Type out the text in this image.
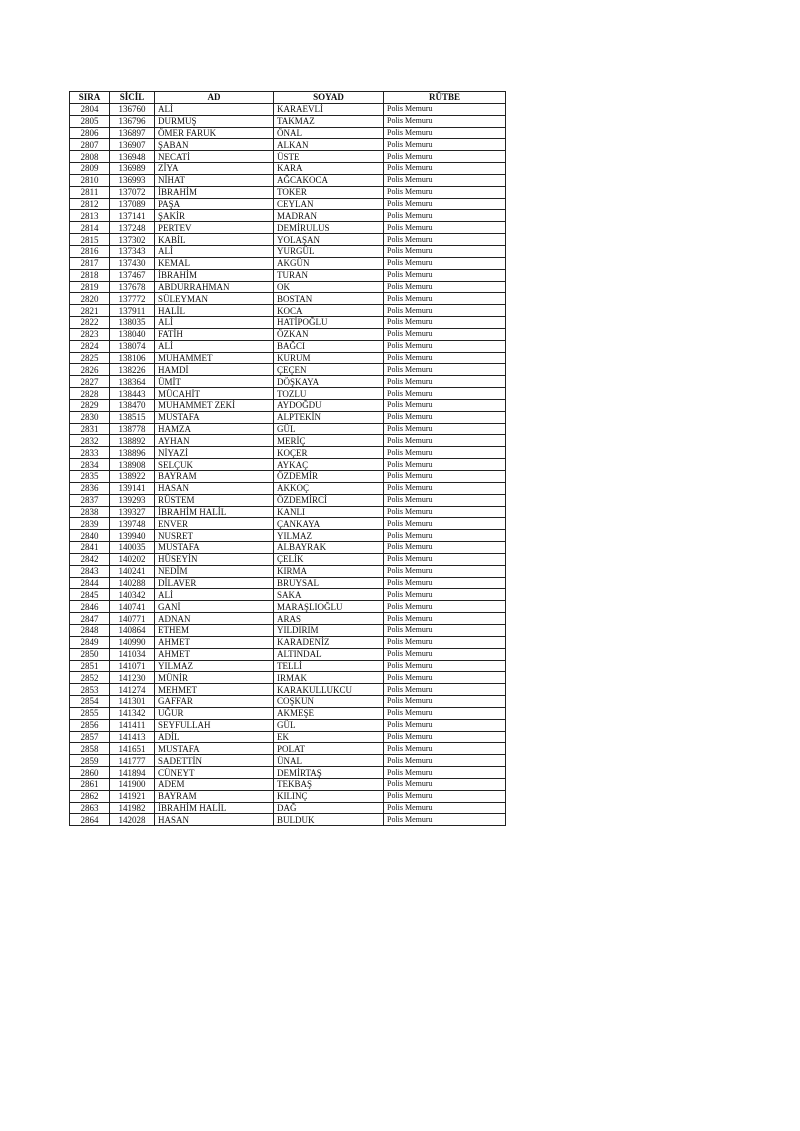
SIRA	SİCİL	AD	SOYAD	RÜTBE
2804	136760	ALİ	KARAEVLİ	Polis Memuru
2805	136796	DURMUŞ	TAKMAZ	Polis Memuru
2806	136897	ÖMER FARUK	ÖNAL	Polis Memuru
2807	136907	ŞABAN	ALKAN	Polis Memuru
2808	136948	NECATİ	ÜSTE	Polis Memuru
2809	136989	ZİYA	KARA	Polis Memuru
2810	136993	NİHAT	AĞCAKOCA	Polis Memuru
2811	137072	İBRAHİM	TOKER	Polis Memuru
2812	137089	PAŞA	CEYLAN	Polis Memuru
2813	137141	ŞAKİR	MADRAN	Polis Memuru
2814	137248	PERTEV	DEMİRULUS	Polis Memuru
2815	137302	KABİL	YOLAŞAN	Polis Memuru
2816	137343	ALİ	YURGÜL	Polis Memuru
2817	137430	KEMAL	AKGÜN	Polis Memuru
2818	137467	İBRAHİM	TURAN	Polis Memuru
2819	137678	ABDURRAHMAN	OK	Polis Memuru
2820	137772	SÜLEYMAN	BOSTAN	Polis Memuru
2821	137911	HALİL	KOCA	Polis Memuru
2822	138035	ALİ	HATİPOĞLU	Polis Memuru
2823	138040	FATİH	ÖZKAN	Polis Memuru
2824	138074	ALİ	BAĞCI	Polis Memuru
2825	138106	MUHAMMET	KURUM	Polis Memuru
2826	138226	HAMDİ	ÇEÇEN	Polis Memuru
2827	138364	ÜMİT	DÖŞKAYA	Polis Memuru
2828	138443	MÜCAHİT	TOZLU	Polis Memuru
2829	138470	MUHAMMET ZEKİ	AYDOĞDU	Polis Memuru
2830	138515	MUSTAFA	ALPTEKİN	Polis Memuru
2831	138778	HAMZA	GÜL	Polis Memuru
2832	138892	AYHAN	MERİÇ	Polis Memuru
2833	138896	NİYAZİ	KOÇER	Polis Memuru
2834	138908	SELÇUK	AYKAÇ	Polis Memuru
2835	138922	BAYRAM	ÖZDEMİR	Polis Memuru
2836	139141	HASAN	AKKOÇ	Polis Memuru
2837	139293	RÜSTEM	ÖZDEMİRCİ	Polis Memuru
2838	139327	İBRAHİM HALİL	KANLI	Polis Memuru
2839	139748	ENVER	ÇANKAYA	Polis Memuru
2840	139940	NUSRET	YILMAZ	Polis Memuru
2841	140035	MUSTAFA	ALBAYRAK	Polis Memuru
2842	140202	HÜSEYİN	ÇELİK	Polis Memuru
2843	140241	NEDİM	KIRMA	Polis Memuru
2844	140288	DİLAVER	BRUYSAL	Polis Memuru
2845	140342	ALİ	SAKA	Polis Memuru
2846	140741	GANİ	MARAŞLIOĞLU	Polis Memuru
2847	140771	ADNAN	ARAS	Polis Memuru
2848	140864	ETHEM	YILDIRIM	Polis Memuru
2849	140990	AHMET	KARADENİZ	Polis Memuru
2850	141034	AHMET	ALTINDAL	Polis Memuru
2851	141071	YILMAZ	TELLİ	Polis Memuru
2852	141230	MÜNİR	IRMAK	Polis Memuru
2853	141274	MEHMET	KARAKULLUKCU	Polis Memuru
2854	141301	GAFFAR	COŞKUN	Polis Memuru
2855	141342	UĞUR	AKMEŞE	Polis Memuru
2856	141411	SEYFULLAH	GÜL	Polis Memuru
2857	141413	ADİL	EK	Polis Memuru
2858	141651	MUSTAFA	POLAT	Polis Memuru
2859	141777	SADETTİN	ÜNAL	Polis Memuru
2860	141894	CÜNEYT	DEMİRTAŞ	Polis Memuru
2861	141900	ADEM	TEKBAŞ	Polis Memuru
2862	141921	BAYRAM	KILINÇ	Polis Memuru
2863	141982	İBRAHİM HALİL	DAĞ	Polis Memuru
2864	142028	HASAN	BULDUK	Polis Memuru
